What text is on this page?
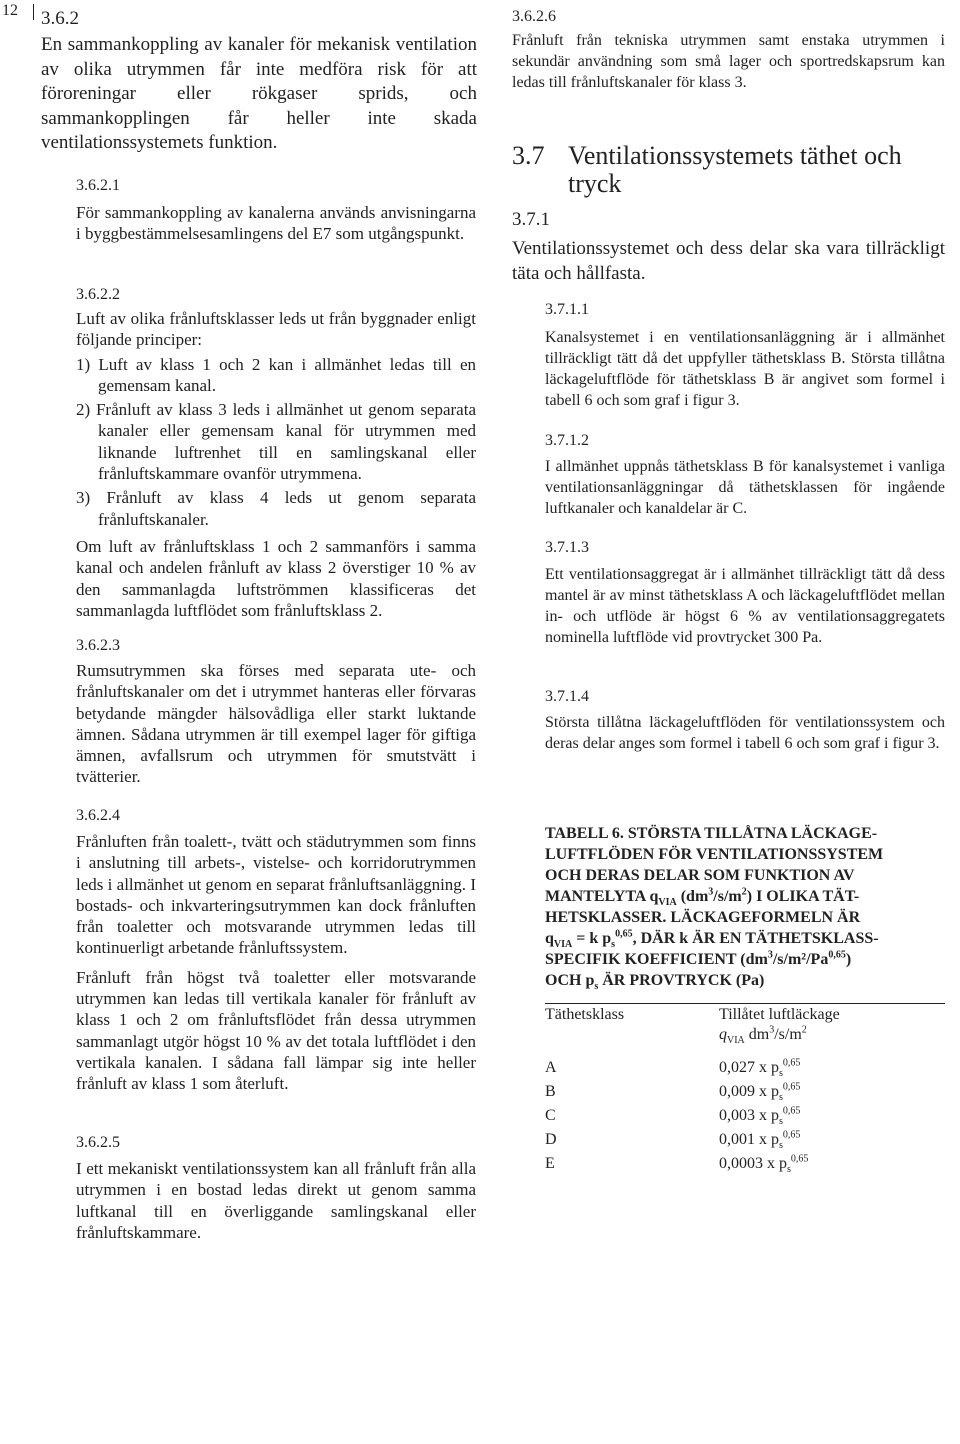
12 3.6.2

En sammankoppling av kanaler för mekanisk ventilation av olika utrymmen får inte medföra risk för att föroreningar eller rökgaser sprids, och sammankopplingen får heller inte skada ventilationssystemets funktion.

3.6.2.1

För sammankoppling av kanalerna används anvisningarna i byggbestämmelsesamlingens del E7 som utgångspunkt.

3.6.2.2

Luft av olika frånluftsklasser leds ut från byggnader enligt följande principer:

1) Luft av klass 1 och 2 kan i allmänhet ledas till en gemensam kanal.

2) Frånluft av klass 3 leds i allmänhet ut genom separata kanaler eller gemensam kanal för utrymmen med liknande luftrenhet till en samlingskanal eller frånluftskammare ovanför utrymmena.

3) Frånluft av klass 4 leds ut genom separata frånluftskanaler.

Om luft av frånluftsklass 1 och 2 sammanförs i samma kanal och andelen frånluft av klass 2 överstiger 10 % av den sammanlagda luftströmmen klassificeras det sammanlagda luftflödet som frånluftsklass 2.

3.6.2.3

Rumsutrymmen ska förses med separata ute- och frånluftskanaler om det i utrymmet hanteras eller förvaras betydande mängder hälsovådliga eller starkt luktande ämnen. Sådana utrymmen är till exempel lager för giftiga ämnen, avfallsrum och utrymmen för smutstvätt i tvätterier.

3.6.2.4

Frånluften från toalett-, tvätt och städutrymmen som finns i anslutning till arbets-, vistelse- och korridorutrymmen leds i allmänhet ut genom en separat frånluftsanläggning. I bostads- och inkvarteringsutrymmen kan dock frånluften från toaletter och motsvarande utrymmen ledas till kontinuerligt arbetande frånluftssystem.

Frånluft från högst två toaletter eller motsvarande utrymmen kan ledas till vertikala kanaler för frånluft av klass 1 och 2 om frånluftsflödet från dessa utrymmen sammanlagt utgör högst 10 % av det totala luftflödet i den vertikala kanalen. I sådana fall lämpar sig inte heller frånluft av klass 1 som återluft.

3.6.2.5

I ett mekaniskt ventilationssystem kan all frånluft från alla utrymmen i en bostad ledas direkt ut genom samma luftkanal till en överliggande samlingskanal eller frånluftskammare.

3.6.2.6

Frånluft från tekniska utrymmen samt enstaka utrymmen i sekundär användning som små lager och sportredskapsrum kan ledas till frånluftskanaler för klass 3.

3.7 Ventilationssystemets täthet och tryck
3.7.1

Ventilationssystemet och dess delar ska vara tillräckligt täta och hållfasta.

3.7.1.1

Kanalsystemet i en ventilationsanläggning är i allmänhet tillräckligt tätt då det uppfyller täthetsklass B. Största tillåtna läckageluftflöde för täthetsklass B är angivet som formel i tabell 6 och som graf i figur 3.

3.7.1.2

I allmänhet uppnås täthetsklass B för kanalsystemet i vanliga ventilationsanläggningar då täthetsklassen för ingående luftkanaler och kanaldelar är C.

3.7.1.3

Ett ventilationsaggregat är i allmänhet tillräckligt tätt då dess mantel är av minst täthetsklass A och läckageluftflödet mellan in- och utflöde är högst 6 % av ventilationsaggregatets nominella luftflöde vid provtrycket 300 Pa.

3.7.1.4

Största tillåtna läckageluftflöden för ventilationssystem och deras delar anges som formel i tabell 6 och som graf i figur 3.

TABELL 6. STÖRSTA TILLÅTNA LÄCKAGE-
LUFTFLÖDEN FÖR VENTILATIONSSYSTEM
OCH DERAS DELAR SOM FUNKTION AV
MANTELYTA $q_{VIA}$ $(dm^3/s/m^2)$ I OLIKA TÄT-
HETSKLASSER. LÄCKAGEFORMELN ÄR
$q_{VIA} = k$ $p_s^{0,65}$, DÄR k ÄR EN TÄTHETSKLASS-
SPECIFIK KOEFFICIENT $(dm^3/s/m^2/Pa^{0,65})$
OCH $p_s$ ÄR PROVTRYCK (Pa)
Täthetsklass	Tillåtet luftläckage
$q_{VIA}$ $dm^3/s/m^2$
A	0,027 x $p_s^{0,65}$
B	0,009 x $p_s^{0,65}$
C	0,003 x $p_s^{0,65}$
D	0,001 x $p_s^{0,65}$
E	0,0003 x $p_s^{0,65}$
